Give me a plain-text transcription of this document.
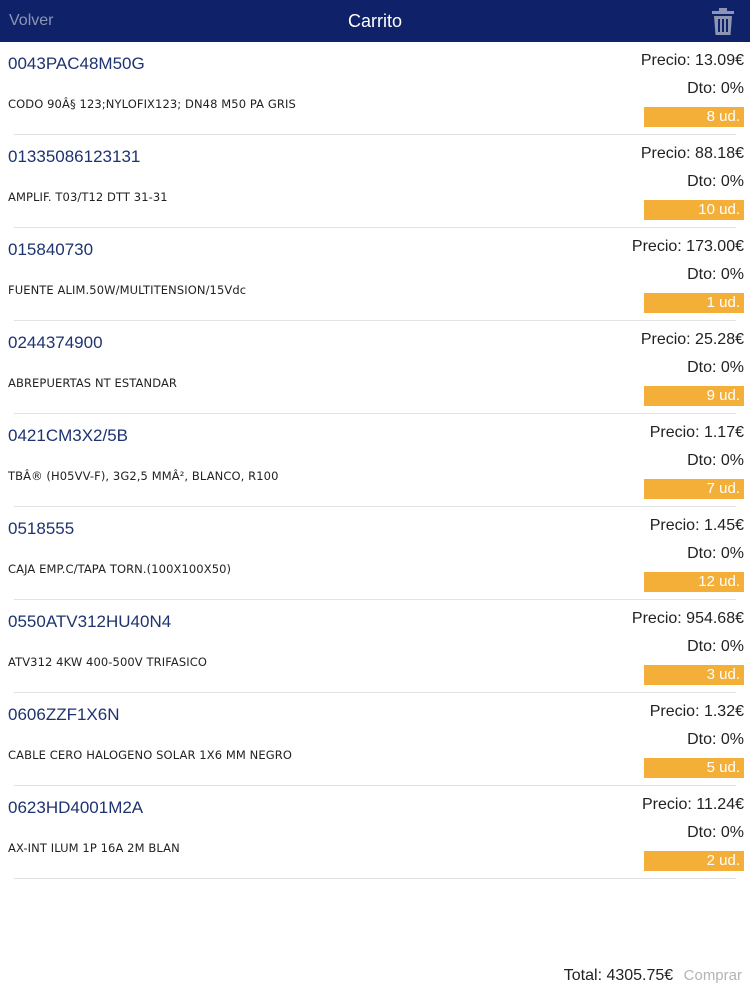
Volver	Carrito
0043PAC48M50G
CODO 90Â§ 123;NYLOFIX123; DN48 M50 PA GRIS
Precio: 13.09€
Dto: 0%
8 ud.
01335086123131
AMPLIF. T03/T12 DTT 31-31
Precio: 88.18€
Dto: 0%
10 ud.
015840730
FUENTE ALIM.50W/MULTITENSION/15Vdc
Precio: 173.00€
Dto: 0%
1 ud.
0244374900
ABREPUERTAS NT ESTANDAR
Precio: 25.28€
Dto: 0%
9 ud.
0421CM3X2/5B
TBÂ® (H05VV-F), 3G2,5 MMÂ², BLANCO, R100
Precio: 1.17€
Dto: 0%
7 ud.
0518555
CAJA EMP.C/TAPA TORN.(100X100X50)
Precio: 1.45€
Dto: 0%
12 ud.
0550ATV312HU40N4
ATV312 4KW 400-500V TRIFASICO
Precio: 954.68€
Dto: 0%
3 ud.
0606ZZF1X6N
CABLE CERO HALOGENO SOLAR 1X6 MM NEGRO
Precio: 1.32€
Dto: 0%
5 ud.
0623HD4001M2A
AX-INT ILUM 1P 16A 2M BLAN
Precio: 11.24€
Dto: 0%
2 ud.
Total: 4305.75€ Comprar
